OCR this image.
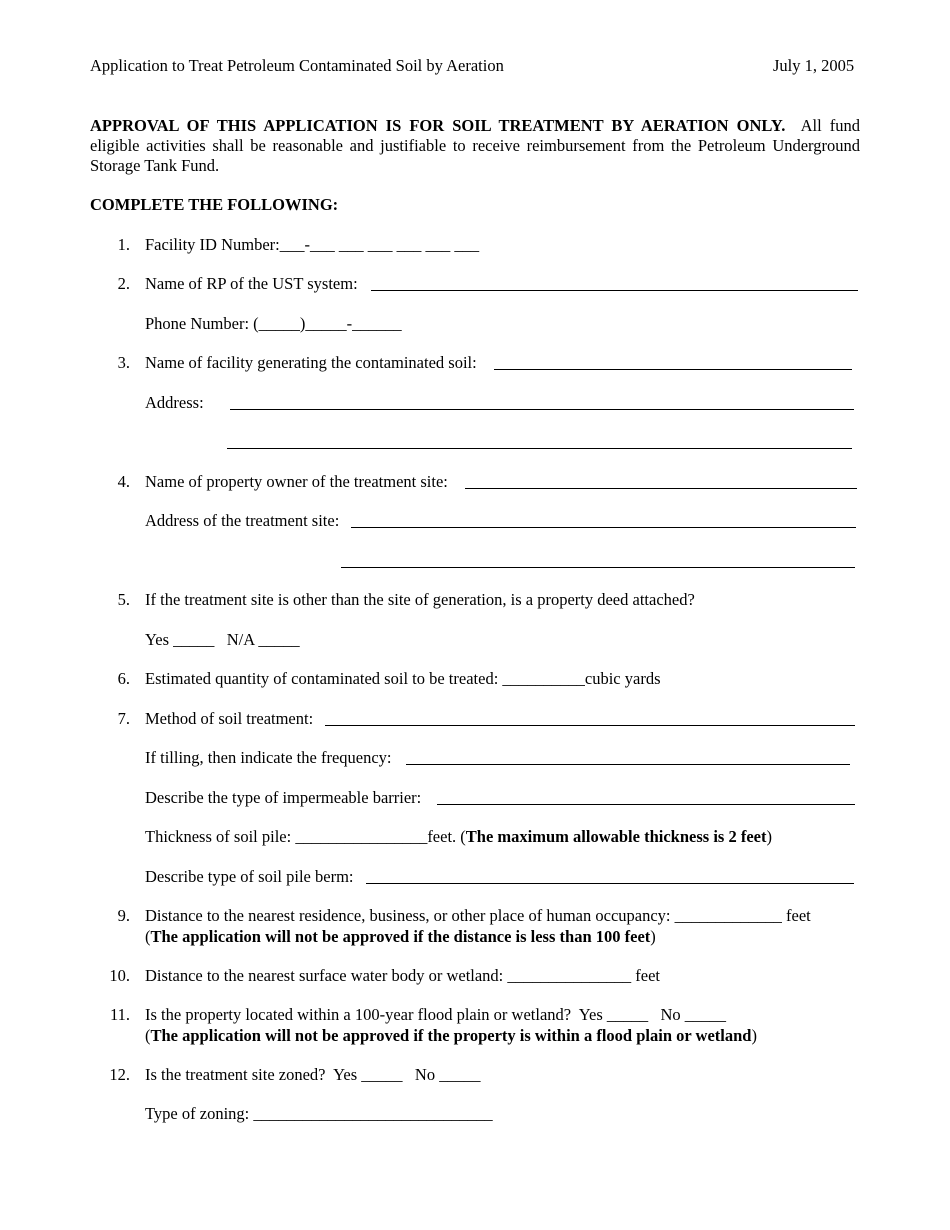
Application to Treat Petroleum Contaminated Soil by Aeration	July 1, 2005
APPROVAL OF THIS APPLICATION IS FOR SOIL TREATMENT BY AERATION ONLY. All fund eligible activities shall be reasonable and justifiable to receive reimbursement from the Petroleum Underground Storage Tank Fund.
COMPLETE THE FOLLOWING:
1. Facility ID Number:___-___ ___ ___ ___ ___ ___
2. Name of RP of the UST system:
Phone Number: (_____)_____-______
3. Name of facility generating the contaminated soil:
Address:
4. Name of property owner of the treatment site:
Address of the treatment site:
5. If the treatment site is other than the site of generation, is a property deed attached?
Yes _____   N/A _____
6. Estimated quantity of contaminated soil to be treated: __________cubic yards
7. Method of soil treatment:
If tilling, then indicate the frequency:
Describe the type of impermeable barrier:
Thickness of soil pile: ________________feet. (The maximum allowable thickness is 2 feet)
Describe type of soil pile berm:
9. Distance to the nearest residence, business, or other place of human occupancy: _____________ feet
(The application will not be approved if the distance is less than 100 feet)
10. Distance to the nearest surface water body or wetland: _______________ feet
11. Is the property located within a 100-year flood plain or wetland?  Yes _____   No _____
(The application will not be approved if the property is within a flood plain or wetland)
12. Is the treatment site zoned?  Yes _____   No _____
Type of zoning: _____________________________
